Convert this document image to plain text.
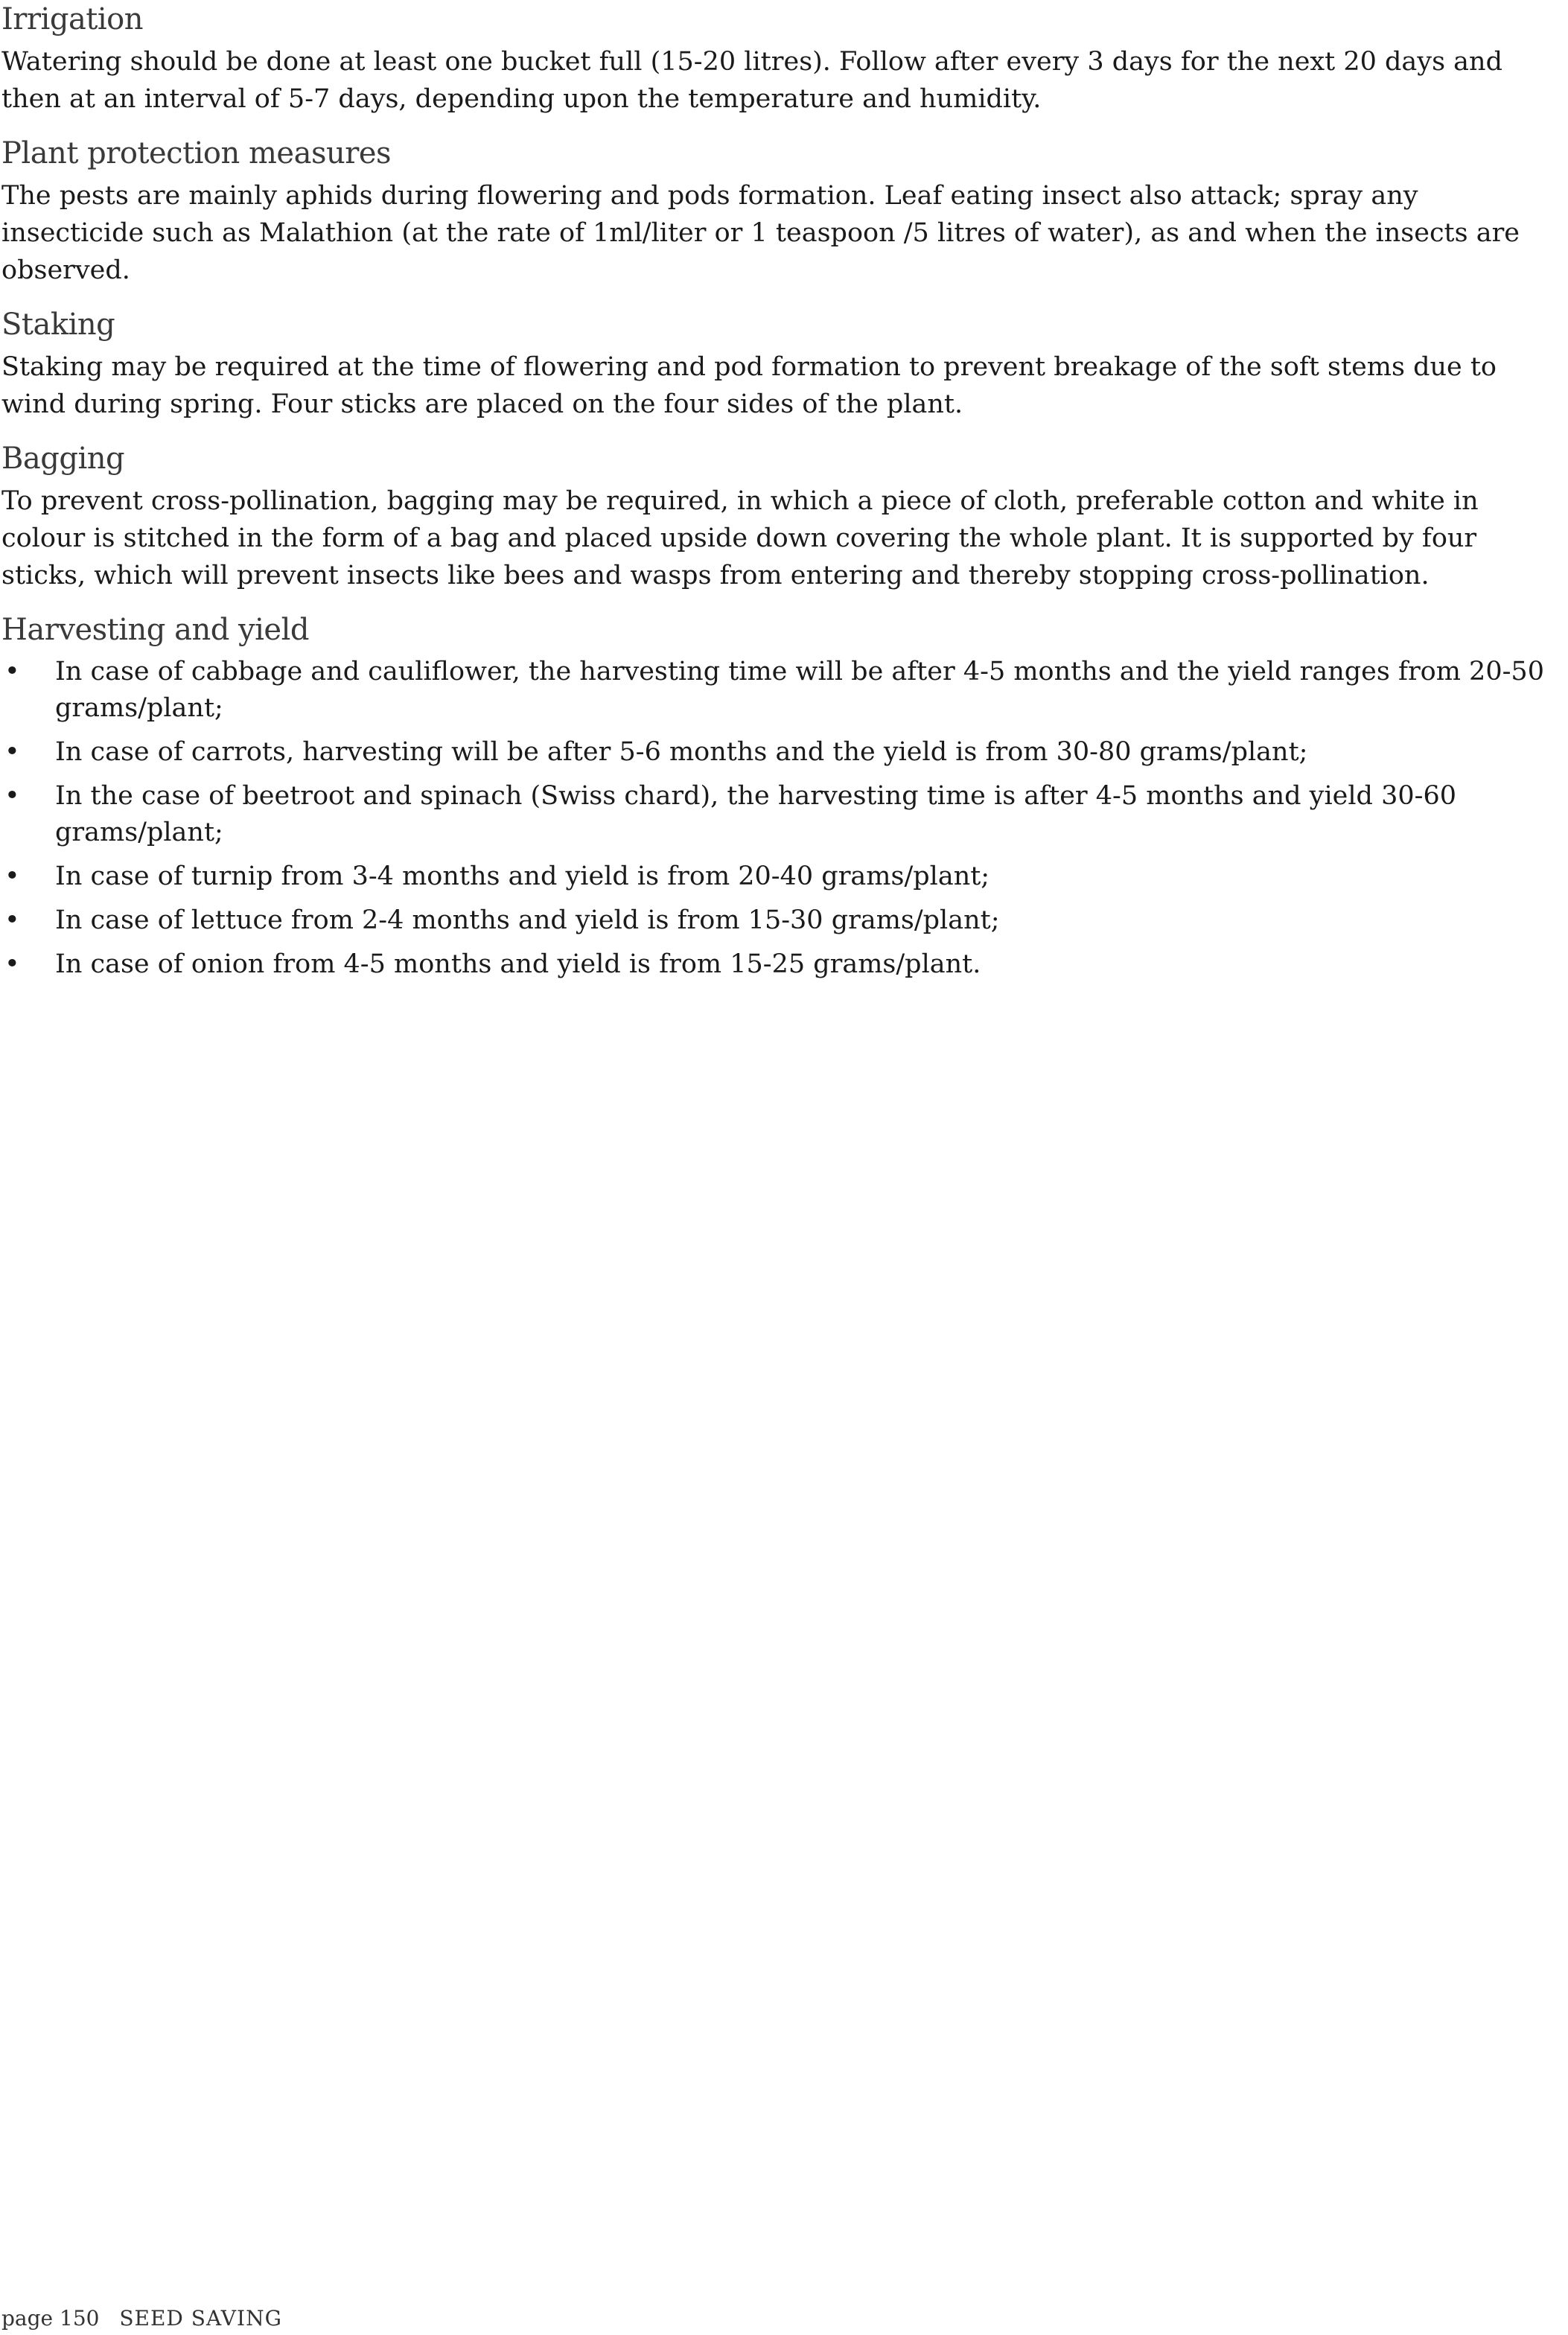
Irrigation

Watering should be done at least one bucket full (15-20 litres). Follow after every 3 days for the next 20 days and then at an interval of 5-7 days, depending upon the temperature and humidity.

Plant protection measures

The pests are mainly aphids during flowering and pods formation. Leaf eating insect also attack; spray any insecticide such as Malathion (at the rate of 1ml/liter or 1 teaspoon /5 litres of water), as and when the insects are observed.

Staking

Staking may be required at the time of flowering and pod formation to prevent breakage of the soft stems due to wind during spring. Four sticks are placed on the four sides of the plant.

Bagging

To prevent cross-pollination, bagging may be required, in which a piece of cloth, preferable cotton and white in colour is stitched in the form of a bag and placed upside down covering the whole plant. It is supported by four sticks, which will prevent insects like bees and wasps from entering and thereby stopping cross-pollination.

Harvesting and yield
• In case of cabbage and cauliflower, the harvesting time will be after 4-5 months and the yield ranges from 20-50 grams/plant;
• In case of carrots, harvesting will be after 5-6 months and the yield is from 30-80 grams/plant;
• In the case of beetroot and spinach (Swiss chard), the harvesting time is after 4-5 months and yield 30-60 grams/plant;
• In case of turnip from 3-4 months and yield is from 20-40 grams/plant;
• In case of lettuce from 2-4 months and yield is from 15-30 grams/plant;
• In case of onion from 4-5 months and yield is from 15-25 grams/plant.
page 150 SEED SAVING
